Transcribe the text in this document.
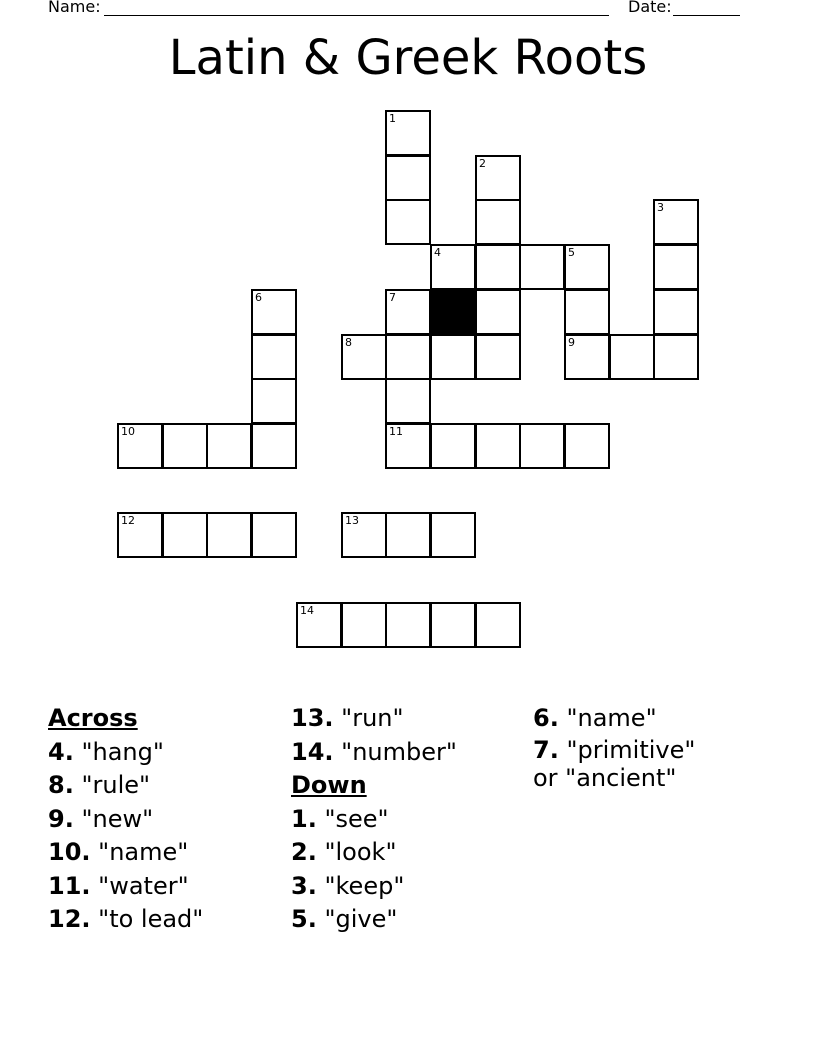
Name:	Date:
Latin & Greek Roots
1
2
3
4	5
9
6	7
8
10	11
12	13
14
Across
4. "hang"
8. "rule"
9. "new"
10. "name"
11. "water"
12. "to lead"
13. "run"
14. "number"
Down
1. "see"
2. "look"
3. "keep"
5. "give"
6. "name"
7. "primitive" or "ancient"
